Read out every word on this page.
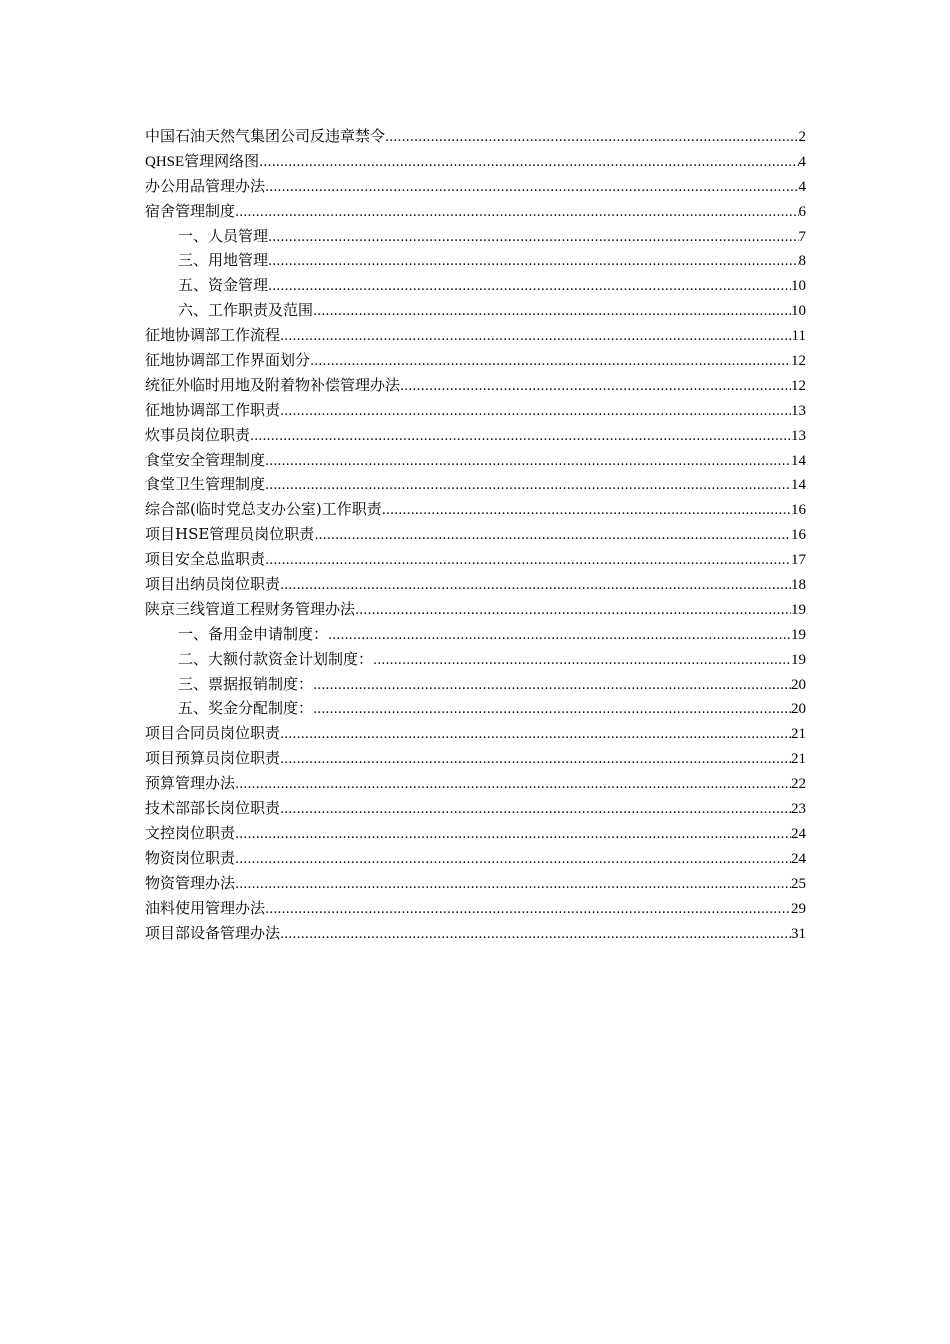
中国石油天然气集团公司反违章禁令 .....	2
QHSE管理网络图 .....	4
办公用品管理办法 .....	4
宿舍管理制度 .....	6
一、人员管理 .....	7
三、用地管理 .....	8
五、资金管理 .....	10
六、工作职责及范围 .....	10
征地协调部工作流程 .....	11
征地协调部工作界面划分 .....	12
统征外临时用地及附着物补偿管理办法 .....	12
征地协调部工作职责 .....	13
炊事员岗位职责 .....	13
食堂安全管理制度 .....	14
食堂卫生管理制度 .....	14
综合部(临时党总支办公室)工作职责 .....	16
项目HSE管理员岗位职责 .....	16
项目安全总监职责 .....	17
项目出纳员岗位职责 .....	18
陕京三线管道工程财务管理办法 .....	19
一、备用金申请制度： .....	19
二、大额付款资金计划制度： .....	19
三、票据报销制度： .....	20
五、奖金分配制度： .....	20
项目合同员岗位职责 .....	21
项目预算员岗位职责 .....	21
预算管理办法 .....	22
技术部部长岗位职责 .....	23
文控岗位职责 .....	24
物资岗位职责 .....	24
物资管理办法 .....	25
油料使用管理办法 .....	29
项目部设备管理办法 .....	31
